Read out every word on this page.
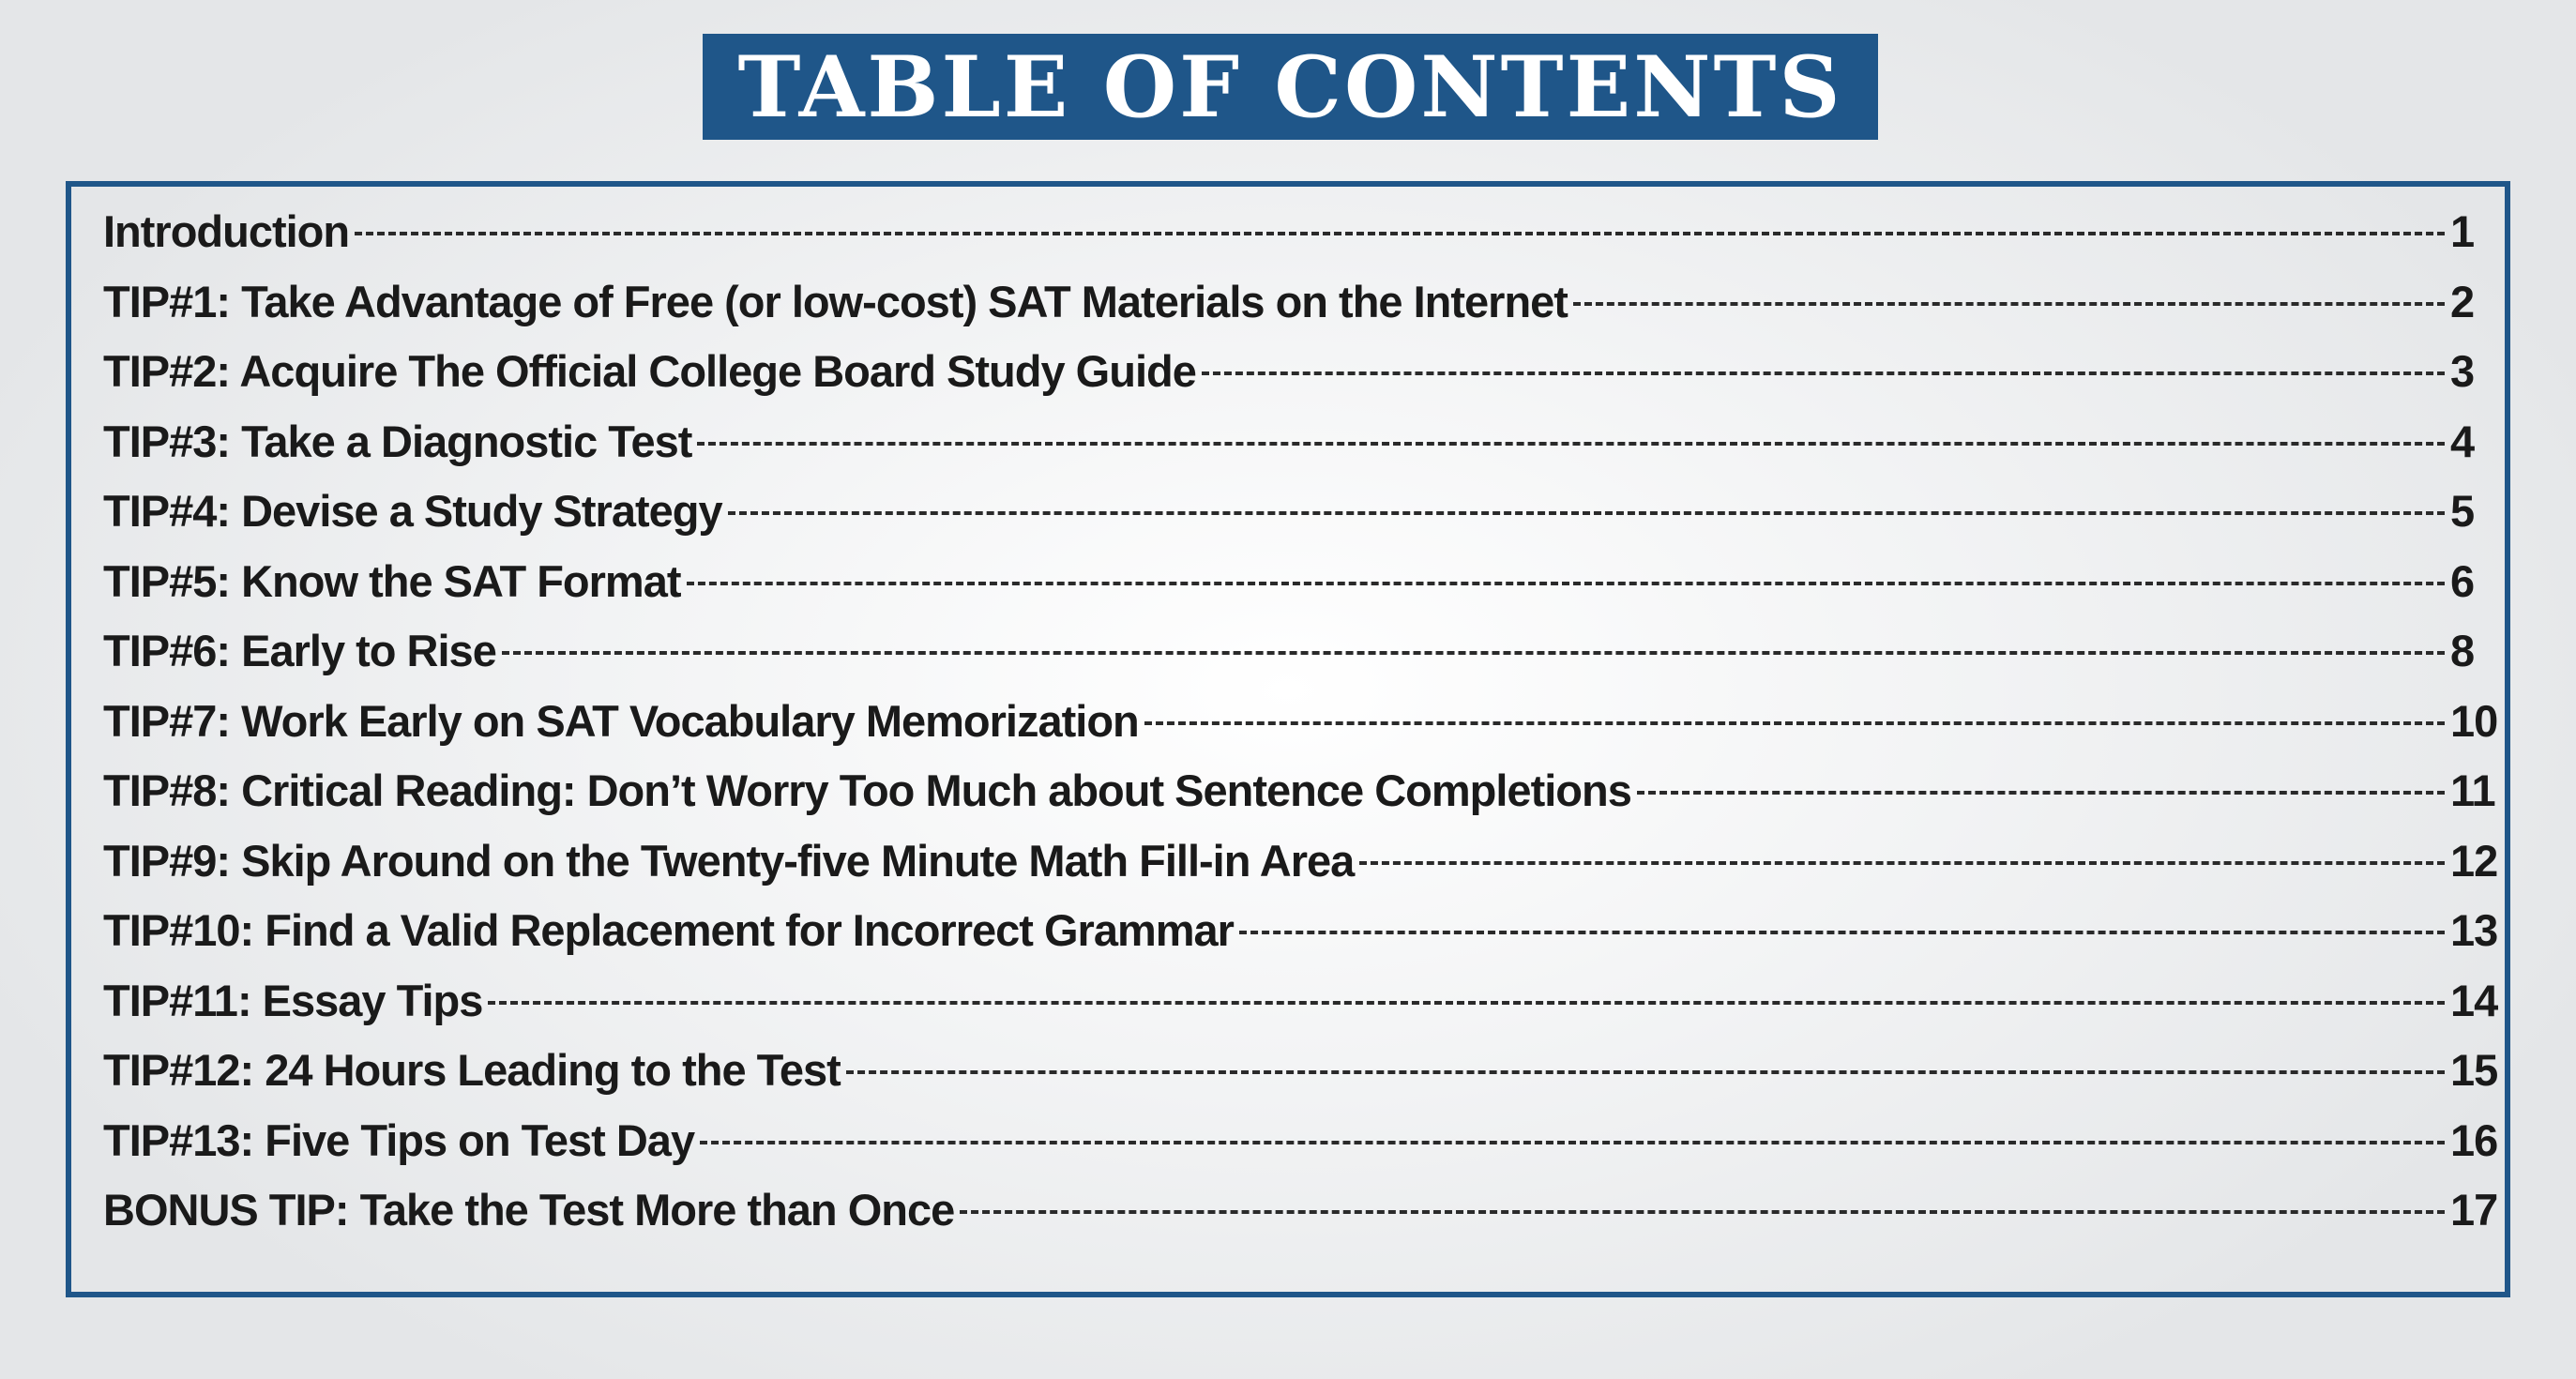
TABLE OF CONTENTS
Introduction	1
TIP#1: Take Advantage of Free (or low-cost) SAT Materials on the Internet	2
TIP#2: Acquire The Official College Board Study Guide	3
TIP#3: Take a Diagnostic Test	4
TIP#4: Devise a Study Strategy	5
TIP#5: Know the SAT Format	6
TIP#6: Early to Rise	8
TIP#7: Work Early on SAT Vocabulary Memorization	10
TIP#8: Critical Reading: Don’t Worry Too Much about Sentence Completions	11
TIP#9: Skip Around on the Twenty-five Minute Math Fill-in Area	12
TIP#10: Find a Valid Replacement for Incorrect Grammar	13
TIP#11: Essay Tips	14
TIP#12: 24 Hours Leading to the Test	15
TIP#13: Five Tips on Test Day	16
BONUS TIP: Take the Test More than Once	17
